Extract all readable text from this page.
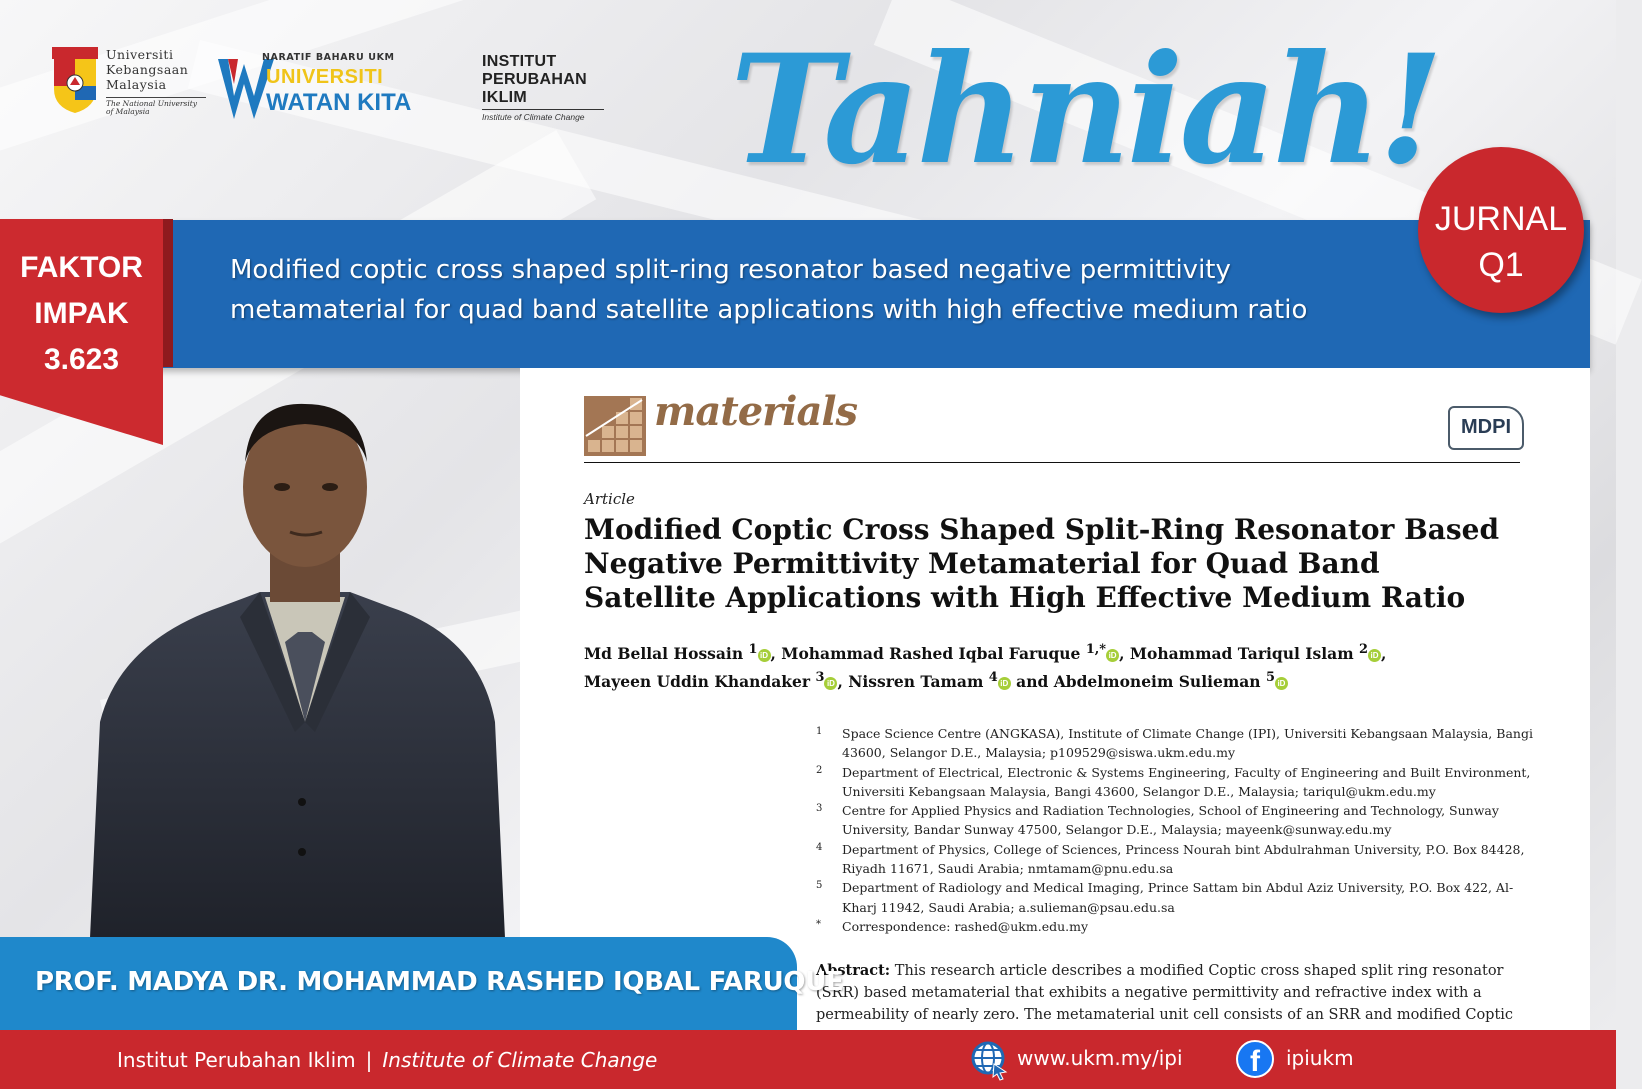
Universiti
Kebangsaan
Malaysia
The National University of Malaysia
NARATIF BAHARU UKM
UNIVERSITI
WATAN KITA
INSTITUT
PERUBAHAN
IKLIM
Institute of Climate Change Tahniah!
Modified coptic cross shaped split-ring resonator based negative permittivity metamaterial for quad band satellite applications with high effective medium ratio
FAKTOR
IMPAK
3.623
JURNAL
Q1
materials	MDPI
Article
Modified Coptic Cross Shaped Split-Ring Resonator Based Negative Permittivity Metamaterial for Quad Band Satellite Applications with High Effective Medium Ratio
Md Bellal Hossain $^1$ iD , Mohammad Rashed Iqbal Faruque $^{1,*}$ iD , Mohammad Tariqul Islam $^2$ iD ,
Mayeen Uddin Khandaker $^3$ iD , Nissren Tamam $^4$ iD and Abdelmoneim Sulieman $^5$ iD

1 Space Science Centre (ANGKASA), Institute of Climate Change (IPI), Universiti Kebangsaan Malaysia, Bangi 43600, Selangor D.E., Malaysia; p109529@siswa.ukm.edu.my

2 Department of Electrical, Electronic & Systems Engineering, Faculty of Engineering and Built Environment, Universiti Kebangsaan Malaysia, Bangi 43600, Selangor D.E., Malaysia; tariqul@ukm.edu.my

3 Centre for Applied Physics and Radiation Technologies, School of Engineering and Technology, Sunway University, Bandar Sunway 47500, Selangor D.E., Malaysia; mayeenk@sunway.edu.my

4 Department of Physics, College of Sciences, Princess Nourah bint Abdulrahman University, P.O. Box 84428, Riyadh 11671, Saudi Arabia; nmtamam@pnu.edu.sa

5 Department of Radiology and Medical Imaging, Prince Sattam bin Abdul Aziz University, P.O. Box 422, Al-Kharj 11942, Saudi Arabia; a.sulieman@psau.edu.sa

* Correspondence: rashed@ukm.edu.my

Abstract: This research article describes a modified Coptic cross shaped split ring resonator (SRR) based metamaterial that exhibits a negative permittivity and refractive index with a permeability of nearly zero. The metamaterial unit cell consists of an SRR and modified Coptic
PROF. MADYA DR. MOHAMMAD RASHED IQBAL FARUQUE
Institut Perubahan Iklim | Institute of Climate Change	www.ukm.my/ipi	f	ipiukm
